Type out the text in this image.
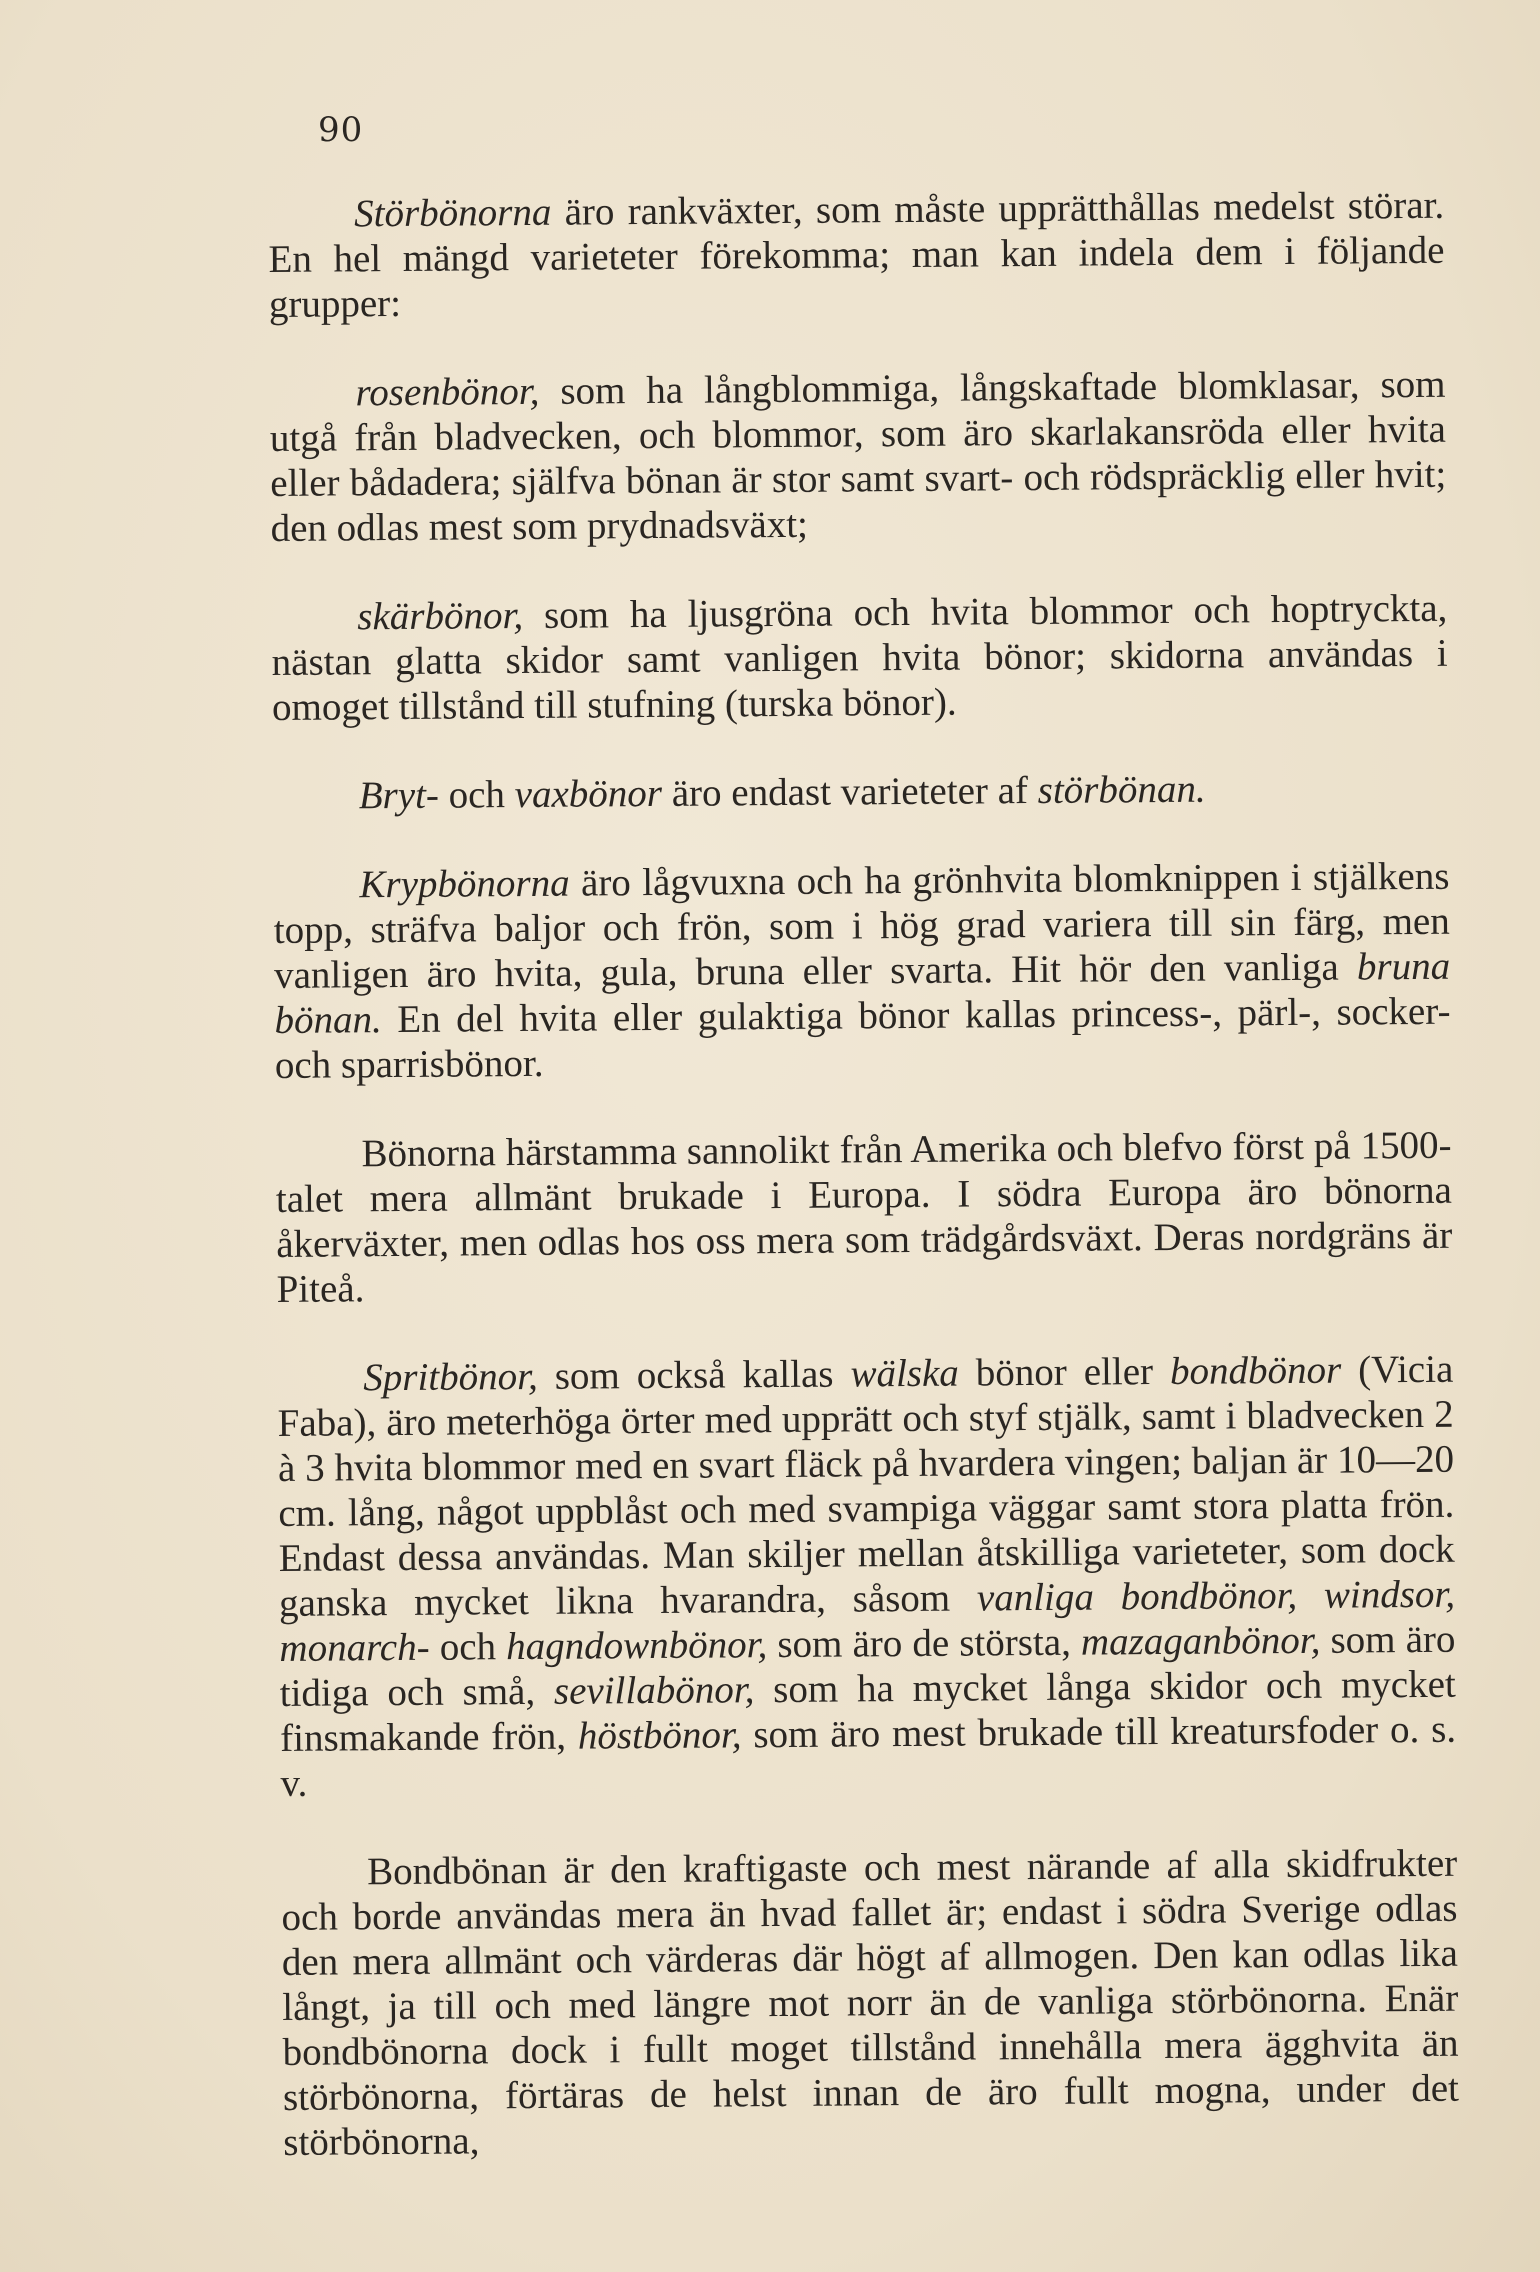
90

Störbönorna äro rankväxter, som måste upprätthållas medelst störar. En hel mängd varieteter förekomma; man kan indela dem i följande grupper:

rosenbönor, som ha långblommiga, långskaftade blomklasar, som utgå från bladvecken, och blommor, som äro skarlakansröda eller hvita eller bådadera; själfva bönan är stor samt svart- och rödspräcklig eller hvit; den odlas mest som prydnadsväxt;

skärbönor, som ha ljusgröna och hvita blommor och hoptryckta, nästan glatta skidor samt vanligen hvita bönor; skidorna användas i omoget tillstånd till stufning (turska bönor).

Bryt- och vaxbönor äro endast varieteter af störbönan.

Krypbönorna äro lågvuxna och ha grönhvita blomknippen i stjälkens topp, sträfva baljor och frön, som i hög grad variera till sin färg, men vanligen äro hvita, gula, bruna eller svarta. Hit hör den vanliga bruna bönan. En del hvita eller gulaktiga bönor kallas princess-, pärl-, socker- och sparrisbönor.

Bönorna härstamma sannolikt från Amerika och blefvo först på 1500-talet mera allmänt brukade i Europa. I södra Europa äro bönorna åkerväxter, men odlas hos oss mera som trädgårdsväxt. Deras nordgräns är Piteå.

Spritbönor, som också kallas wälska bönor eller bondbönor (Vicia Faba), äro meterhöga örter med upprätt och styf stjälk, samt i bladvecken 2 à 3 hvita blommor med en svart fläck på hvardera vingen; baljan är 10—20 cm. lång, något uppblåst och med svampiga väggar samt stora platta frön. Endast dessa användas. Man skiljer mellan åtskilliga varieteter, som dock ganska mycket likna hvarandra, såsom vanliga bondbönor, windsor, monarch- och hagndownbönor, som äro de största, mazaganbönor, som äro tidiga och små, sevillabönor, som ha mycket långa skidor och mycket finsmakande frön, höstbönor, som äro mest brukade till kreatursfoder o. s. v.

Bondbönan är den kraftigaste och mest närande af alla skidfrukter och borde användas mera än hvad fallet är; endast i södra Sverige odlas den mera allmänt och värderas där högt af allmogen. Den kan odlas lika långt, ja till och med längre mot norr än de vanliga störbönorna. Enär bondbönorna dock i fullt moget tillstånd innehålla mera ägghvita än störbönorna, förtäras de helst innan de äro fullt mogna, under det störbönorna,
